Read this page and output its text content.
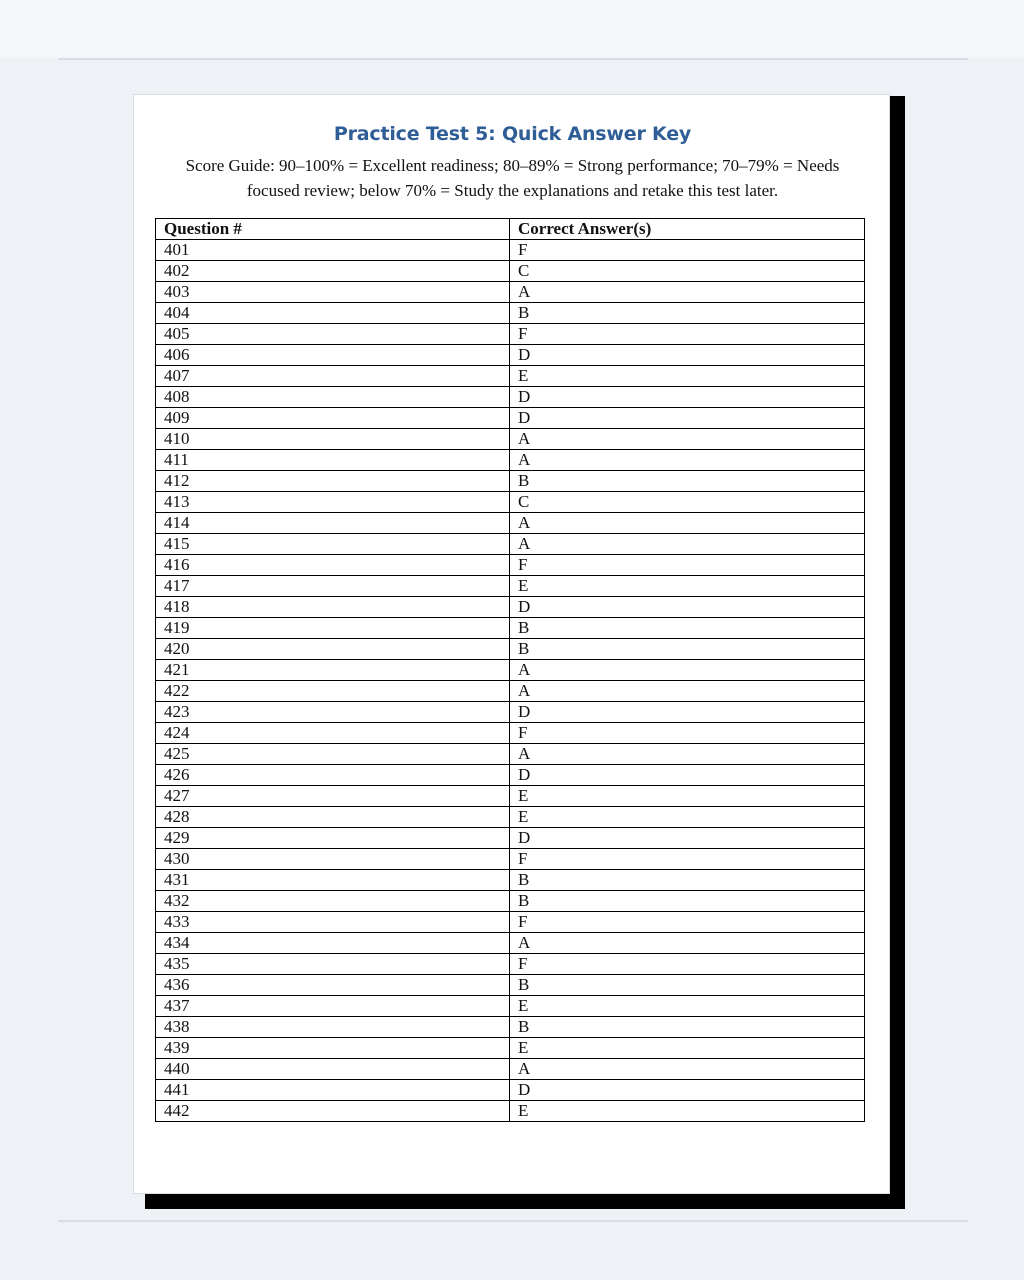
Practice Test 5: Quick Answer Key
Score Guide: 90–100% = Excellent readiness; 80–89% = Strong performance; 70–79% = Needs focused review; below 70% = Study the explanations and retake this test later.
Question #	Correct Answer(s)
401	F
402	C
403	A
404	B
405	F
406	D
407	E
408	D
409	D
410	A
411	A
412	B
413	C
414	A
415	A
416	F
417	E
418	D
419	B
420	B
421	A
422	A
423	D
424	F
425	A
426	D
427	E
428	E
429	D
430	F
431	B
432	B
433	F
434	A
435	F
436	B
437	E
438	B
439	E
440	A
441	D
442	E
